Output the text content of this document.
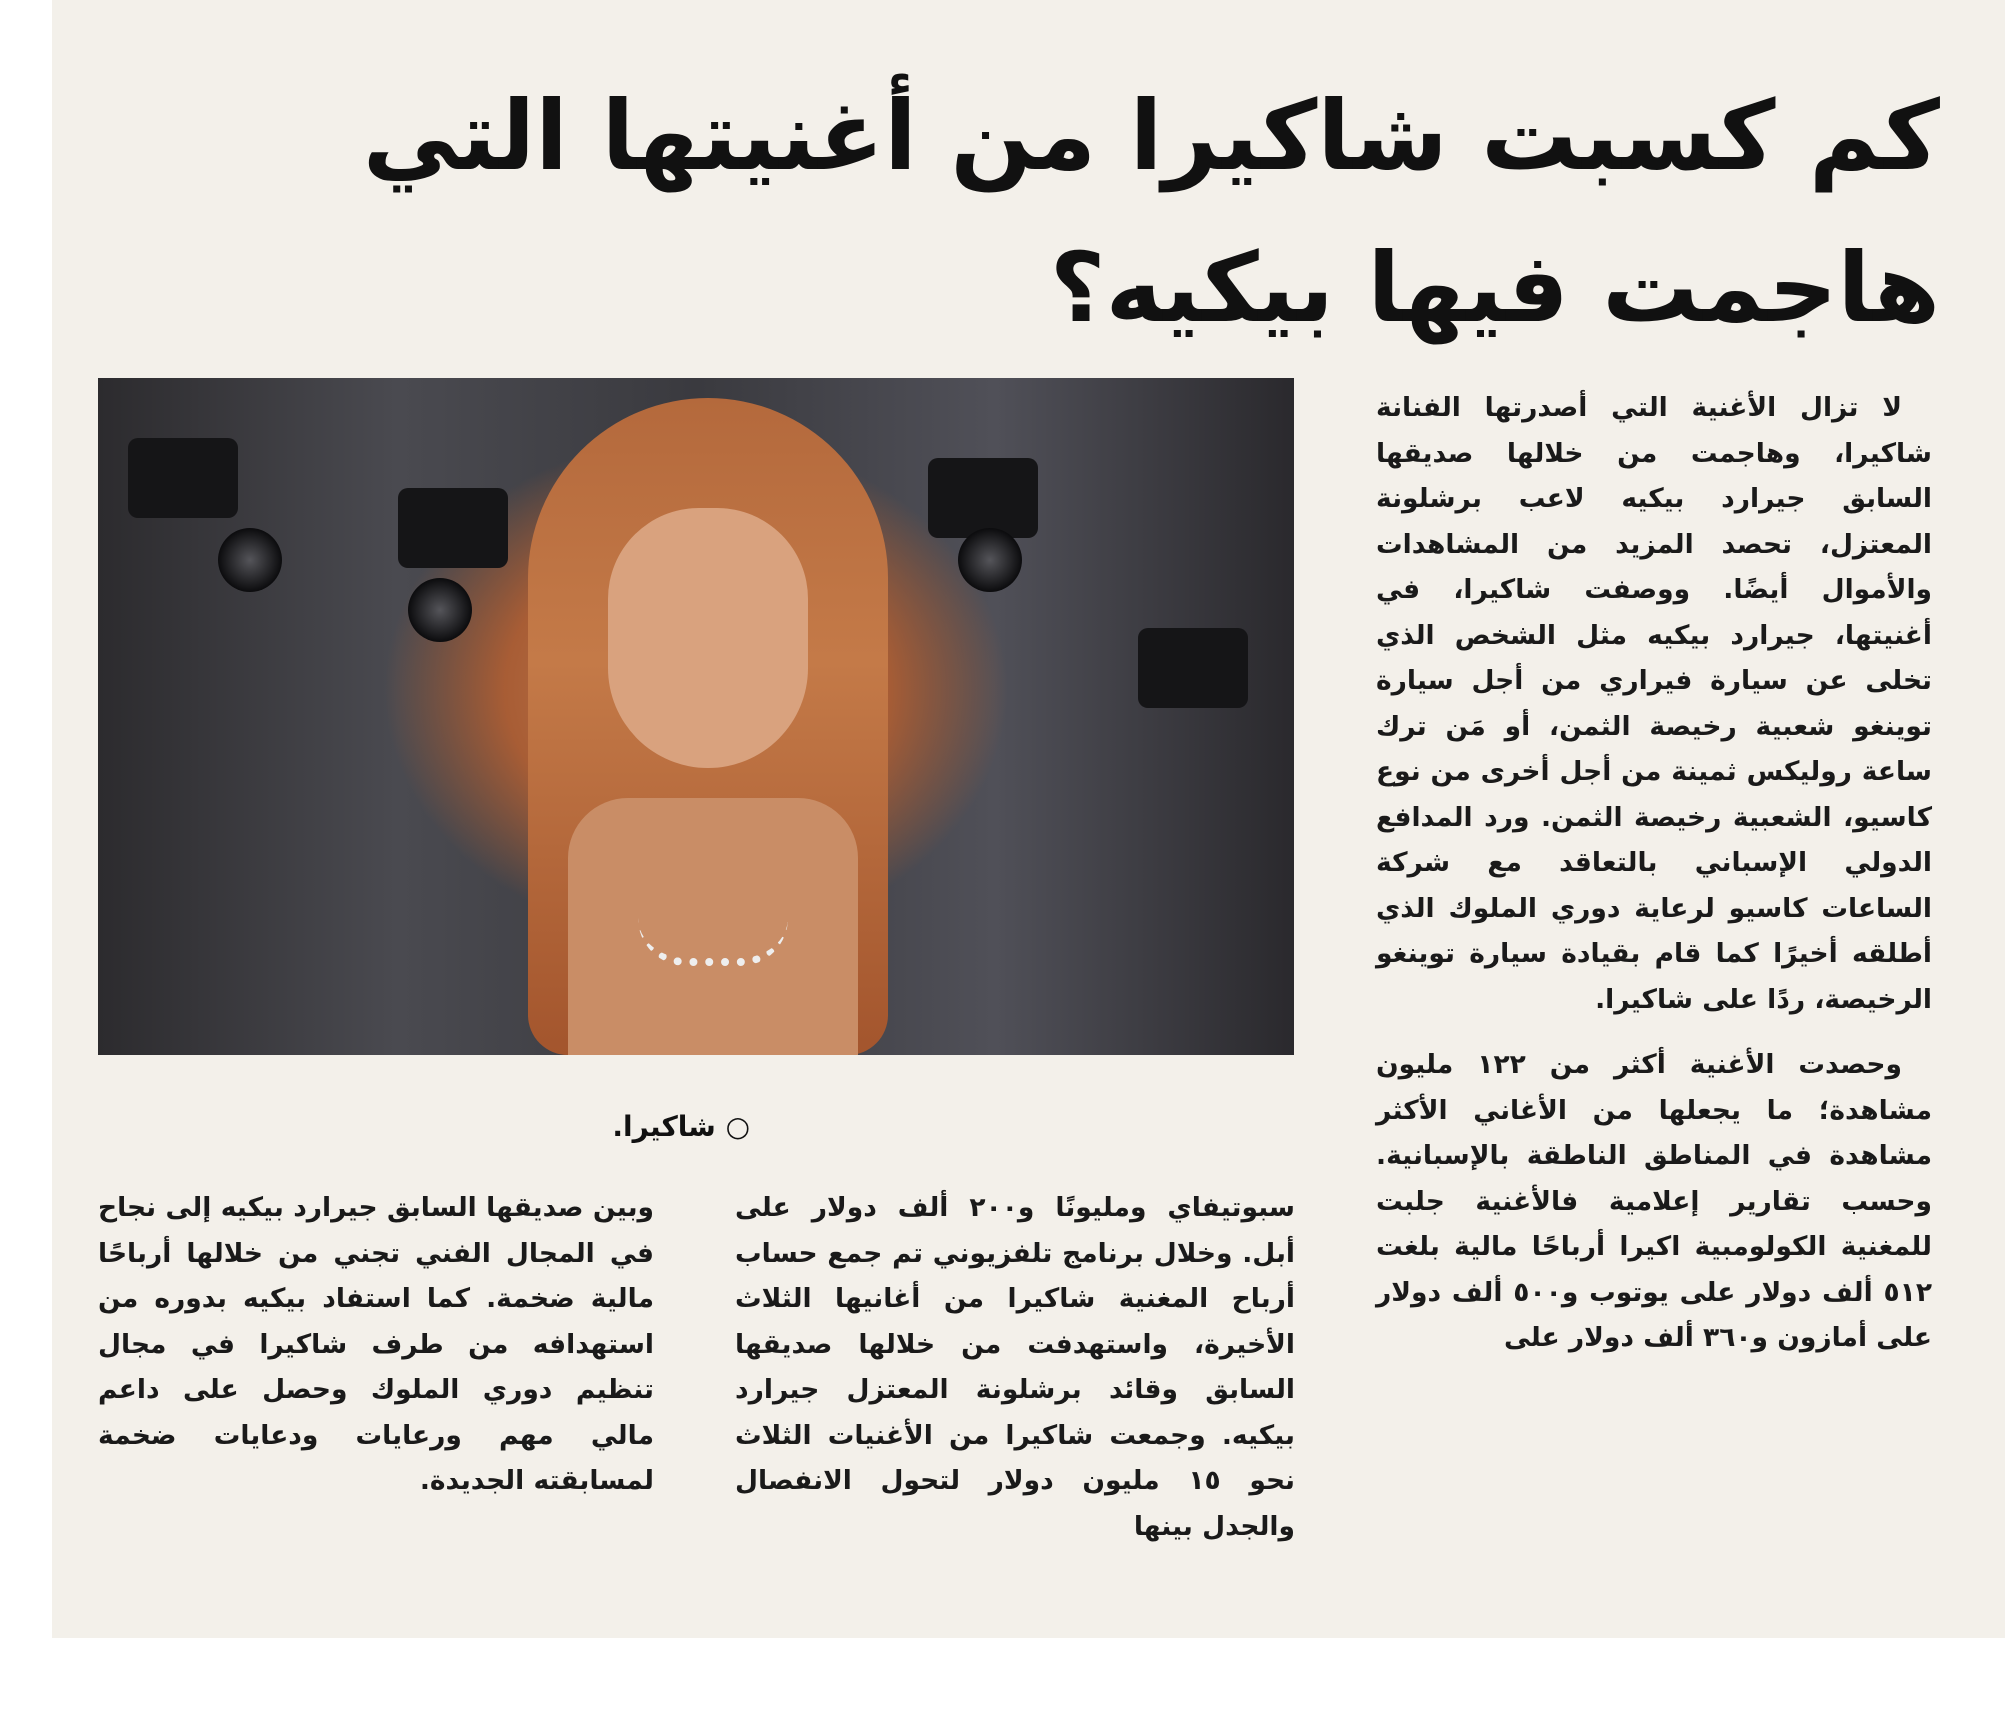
كم كسبت شاكيرا من أغنيتها التي هاجمت فيها بيكيه؟

○ شاكيرا.

لا تزال الأغنية التي أصدرتها الفنانة شاكيرا، وهاجمت من خلالها صديقها السابق جيرارد بيكيه لاعب برشلونة المعتزل، تحصد المزيد من المشاهدات والأموال أيضًا. ووصفت شاكيرا، في أغنيتها، جيرارد بيكيه مثل الشخص الذي تخلى عن سيارة فيراري من أجل سيارة توينغو شعبية رخيصة الثمن، أو مَن ترك ساعة روليكس ثمينة من أجل أخرى من نوع كاسيو، الشعبية رخيصة الثمن. ورد المدافع الدولي الإسباني بالتعاقد مع شركة الساعات كاسيو لرعاية دوري الملوك الذي أطلقه أخيرًا كما قام بقيادة سيارة توينغو الرخيصة، ردًا على شاكيرا.

وحصدت الأغنية أكثر من ١٢٢ مليون مشاهدة؛ ما يجعلها من الأغاني الأكثر مشاهدة في المناطق الناطقة بالإسبانية. وحسب تقارير إعلامية فالأغنية جلبت للمغنية الكولومبية اكيرا أرباحًا مالية بلغت ٥١٢ ألف دولار على يوتوب و٥٠٠ ألف دولار على أمازون و٣٦٠ ألف دولار على

سبوتيفاي ومليونًا و٢٠٠ ألف دولار على أبل. وخلال برنامج تلفزيوني تم جمع حساب أرباح المغنية شاكيرا من أغانيها الثلاث الأخيرة، واستهدفت من خلالها صديقها السابق وقائد برشلونة المعتزل جيرارد بيكيه. وجمعت شاكيرا من الأغنيات الثلاث نحو ١٥ مليون دولار لتحول الانفصال والجدل بينها

وبين صديقها السابق جيرارد بيكيه إلى نجاح في المجال الفني تجني من خلالها أرباحًا مالية ضخمة. كما استفاد بيكيه بدوره من استهدافه من طرف شاكيرا في مجال تنظيم دوري الملوك وحصل على داعم مالي مهم ورعايات ودعايات ضخمة لمسابقته الجديدة.
